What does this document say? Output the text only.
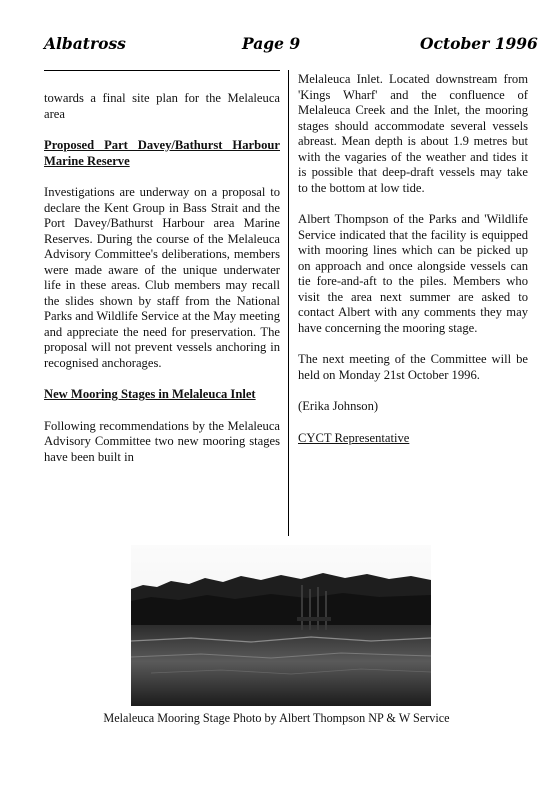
Albatross	Page 9	October 1996

towards a final site plan for the Melaleuca area

Proposed Part Davey/Bathurst Harbour Marine Reserve

Investigations are underway on a proposal to declare the Kent Group in Bass Strait and the Port Davey/Bathurst Harbour area Marine Reserves. During the course of the Melaleuca Advisory Committee's deliberations, members were made aware of the unique underwater life in these areas. Club members may recall the slides shown by staff from the National Parks and Wildlife Service at the May meeting and appreciate the need for preservation. The proposal will not prevent vessels anchoring in recognised anchorages.

New Mooring Stages in Melaleuca Inlet

Following recommendations by the Melaleuca Advisory Committee two new mooring stages have been built in

Melaleuca Inlet. Located downstream from 'Kings Wharf' and the confluence of Melaleuca Creek and the Inlet, the mooring stages should accommodate several vessels abreast. Mean depth is about 1.9 metres but with the vagaries of the weather and tides it is possible that deep-draft vessels may take to the bottom at low tide.

Albert Thompson of the Parks and 'Wildlife Service indicated that the facility is equipped with mooring lines which can be picked up on approach and once alongside vessels can tie fore-and-aft to the piles. Members who visit the area next summer are asked to contact Albert with any comments they may have concerning the mooring stage.

The next meeting of the Committee will be held on Monday 21st October 1996.

(Erika Johnson)

CYCT Representative

Melaleuca Mooring Stage Photo by Albert Thompson NP & W Service
